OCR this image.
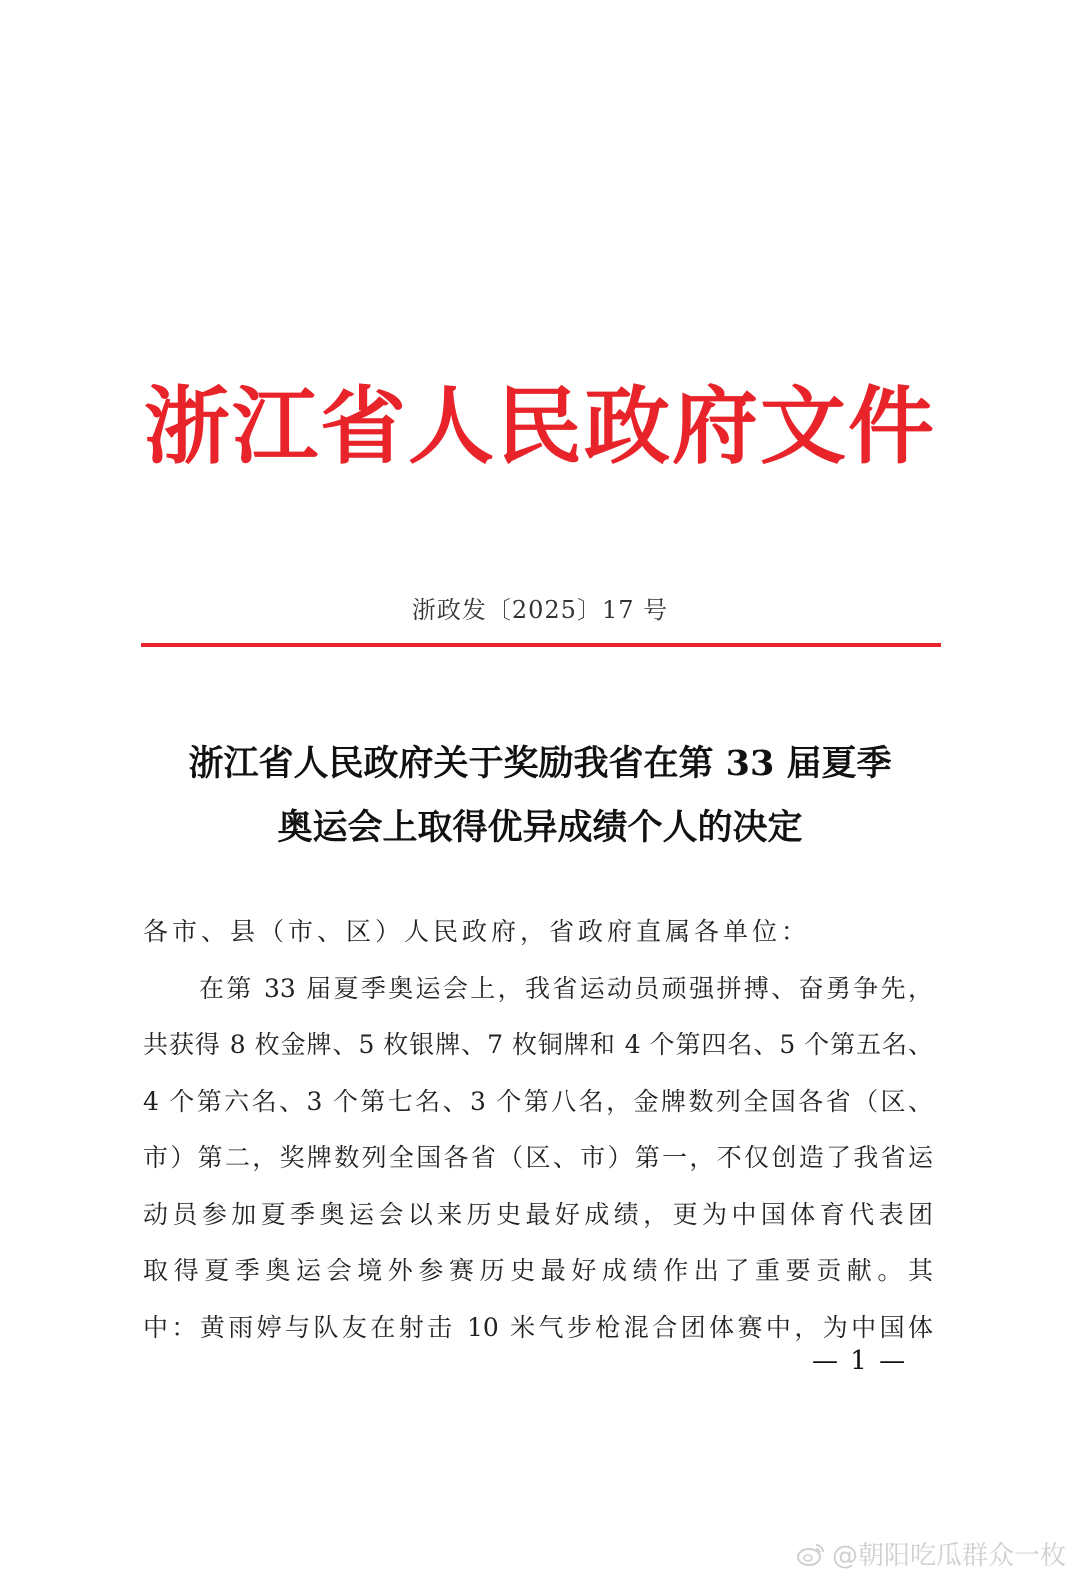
浙江省人民政府文件
浙政发〔2025〕17 号
浙江省人民政府关于奖励我省在第 33 届夏季
奥运会上取得优异成绩个人的决定
各市、县（市、区）人民政府，省政府直属各单位：
在第 33 届夏季奥运会上，我省运动员顽强拼搏、奋勇争先，
共获得 8 枚金牌、5 枚银牌、7 枚铜牌和 4 个第四名、5 个第五名、
4 个第六名、3 个第七名、3 个第八名，金牌数列全国各省（区、
市）第二，奖牌数列全国各省（区、市）第一，不仅创造了我省运
动员参加夏季奥运会以来历史最好成绩，更为中国体育代表团
取得夏季奥运会境外参赛历史最好成绩作出了重要贡献。其
中：黄雨婷与队友在射击 10 米气步枪混合团体赛中，为中国体
— 1 —
@朝阳吃瓜群众一枚
